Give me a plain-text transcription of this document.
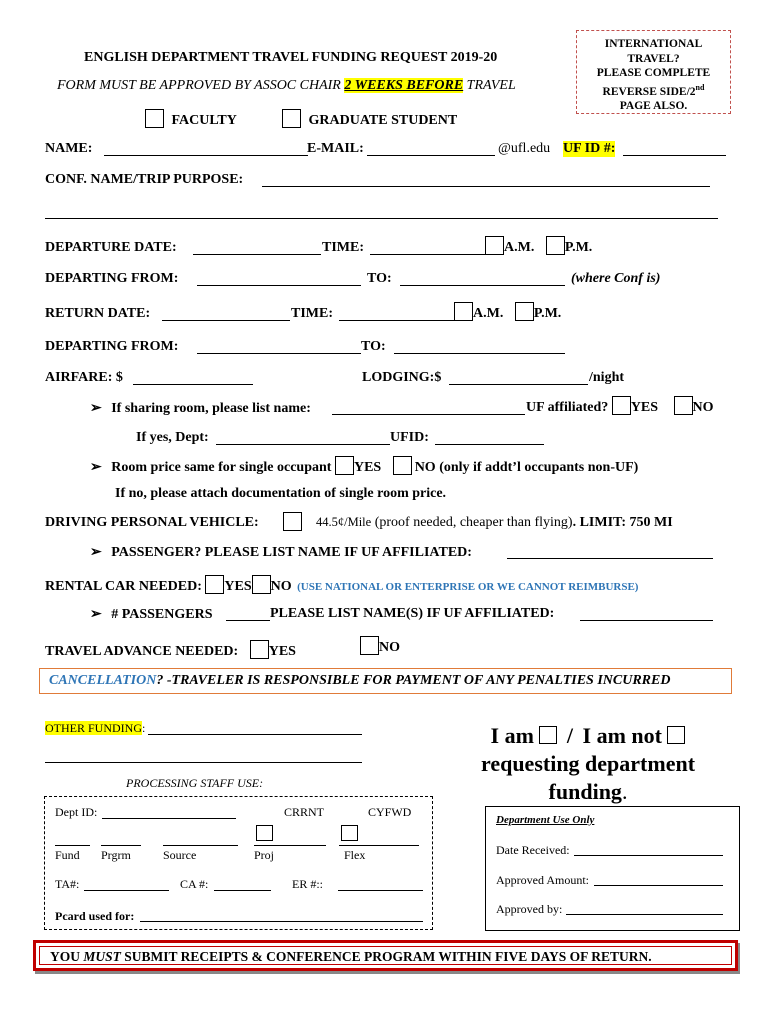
INTERNATIONAL
TRAVEL?
PLEASE COMPLETE
REVERSE SIDE/2nd
PAGE ALSO.
ENGLISH DEPARTMENT TRAVEL FUNDING REQUEST 2019-20
FORM MUST BE APPROVED BY ASSOC CHAIR 2 WEEKS BEFORE TRAVEL
FACULTY	GRADUATE STUDENT
NAME:	E-MAIL:	@ufl.edu UF ID #:
CONF. NAME/TRIP PURPOSE:
DEPARTURE DATE:	TIME:	A.M. P.M.
DEPARTING FROM:	TO:	(where Conf is)
RETURN DATE:	TIME:	A.M. P.M.
DEPARTING FROM:	TO:
AIRFARE: $	LODGING:$	/night
➢ If sharing room, please list name:	UF affiliated? YES NO
If yes, Dept:	UFID:
➢ Room price same for single occupant YES NO (only if addt’l occupants non-UF)
If no, please attach documentation of single room price.
DRIVING PERSONAL VEHICLE:	44.5¢/Mile (proof needed, cheaper than flying). LIMIT: 750 MI
➢ PASSENGER? PLEASE LIST NAME IF UF AFFILIATED:
RENTAL CAR NEEDED: YES NO (USE NATIONAL OR ENTERPRISE OR WE CANNOT REIMBURSE)
➢ # PASSENGERS	PLEASE LIST NAME(S) IF UF AFFILIATED:
TRAVEL ADVANCE NEEDED: YES	NO
CANCELLATION? -TRAVELER IS RESPONSIBLE FOR PAYMENT OF ANY PENALTIES INCURRED
OTHER FUNDING:	I am / I am not
requesting department
funding.
PROCESSING STAFF USE:
Dept ID:	CRRNT	CYFWD
Fund Prgrm	Source	Proj	Flex
TA#:	CA #:	ER #::
Pcard used for:
Department Use Only
Date Received:
Approved Amount:
Approved by:
YOU MUST SUBMIT RECEIPTS & CONFERENCE PROGRAM WITHIN FIVE DAYS OF RETURN.
